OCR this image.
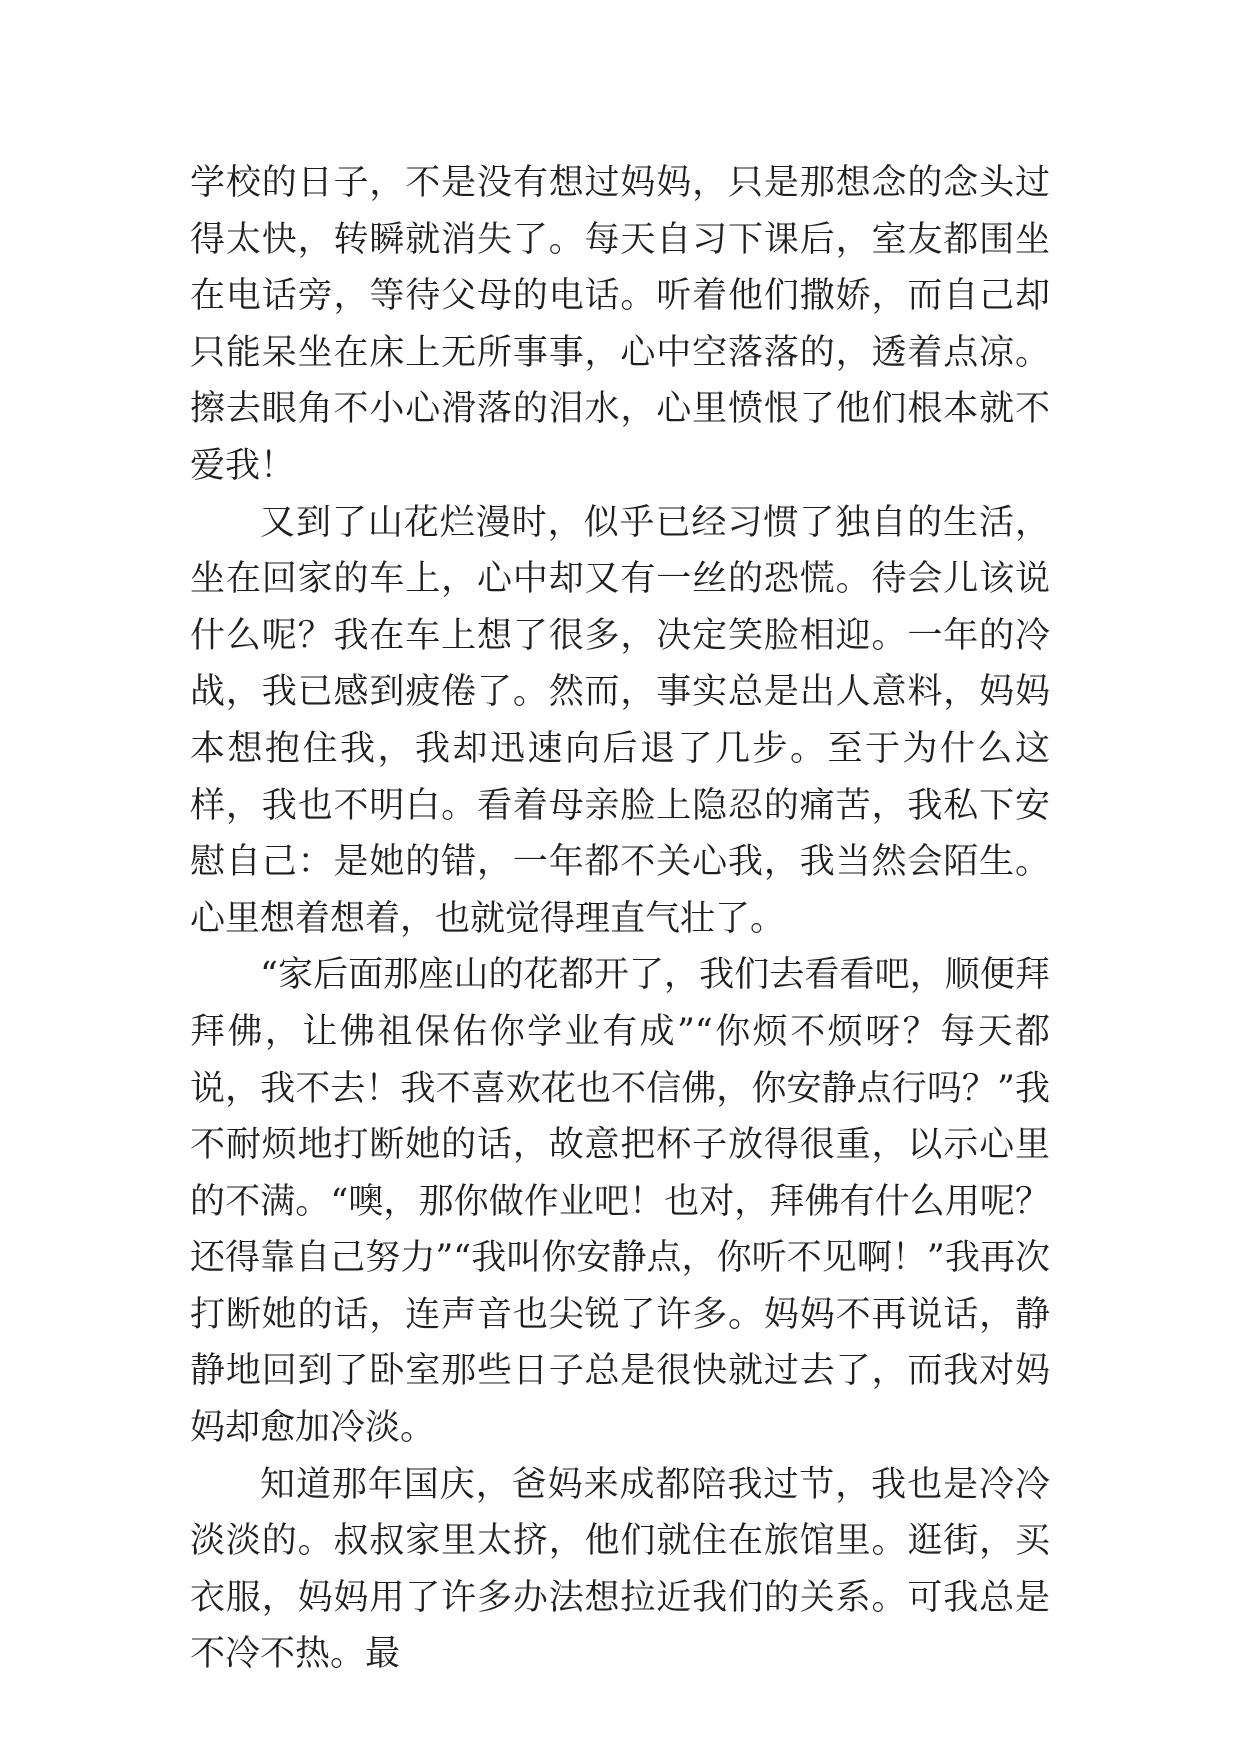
学校的日子，不是没有想过妈妈，只是那想念的念头过得太快，转瞬就消失了。每天自习下课后，室友都围坐在电话旁，等待父母的电话。听着他们撒娇，而自己却只能呆坐在床上无所事事，心中空落落的，透着点凉。擦去眼角不小心滑落的泪水，心里愤恨了他们根本就不爱我！

又到了山花烂漫时，似乎已经习惯了独自的生活，坐在回家的车上，心中却又有一丝的恐慌。待会儿该说什么呢？我在车上想了很多，决定笑脸相迎。一年的冷战，我已感到疲倦了。然而，事实总是出人意料，妈妈本想抱住我，我却迅速向后退了几步。至于为什么这样，我也不明白。看着母亲脸上隐忍的痛苦，我私下安慰自己：是她的错，一年都不关心我，我当然会陌生。心里想着想着，也就觉得理直气壮了。

“家后面那座山的花都开了，我们去看看吧，顺便拜拜佛，让佛祖保佑你学业有成”“你烦不烦呀？每天都说，我不去！我不喜欢花也不信佛，你安静点行吗？”我不耐烦地打断她的话，故意把杯子放得很重，以示心里的不满。“噢，那你做作业吧！也对，拜佛有什么用呢？还得靠自己努力”“我叫你安静点，你听不见啊！”我再次打断她的话，连声音也尖锐了许多。妈妈不再说话，静静地回到了卧室那些日子总是很快就过去了，而我对妈妈却愈加冷淡。

知道那年国庆，爸妈来成都陪我过节，我也是冷冷淡淡的。叔叔家里太挤，他们就住在旅馆里。逛街，买衣服，妈妈用了许多办法想拉近我们的关系。可我总是不冷不热。最
